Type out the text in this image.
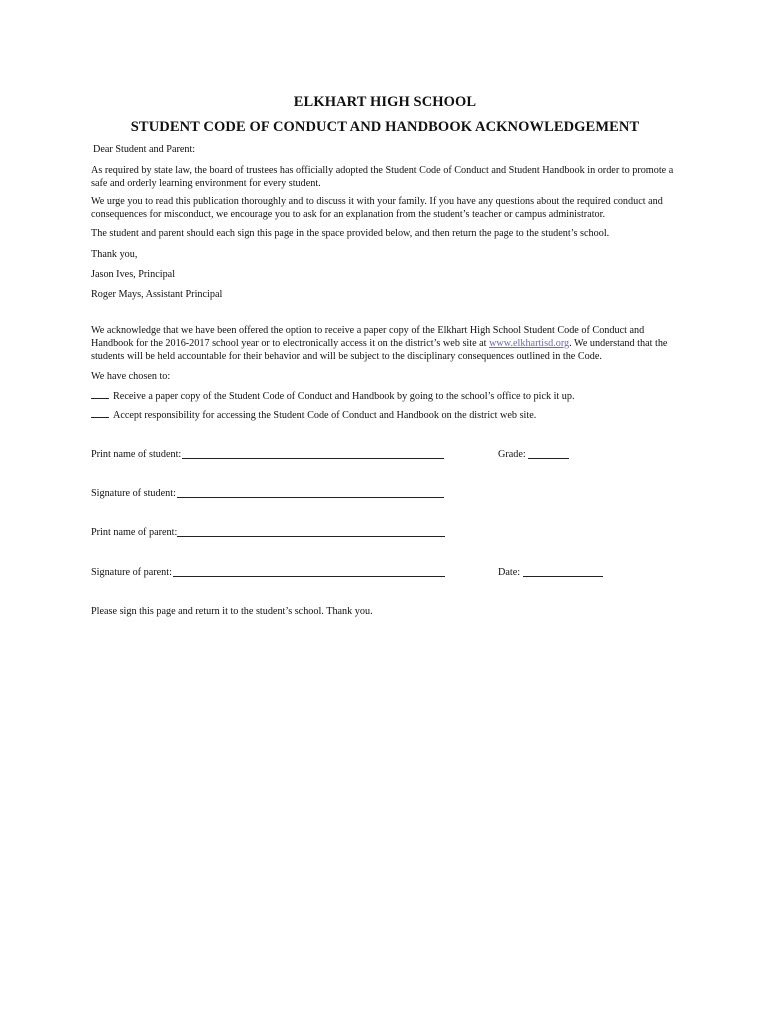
ELKHART HIGH SCHOOL
STUDENT CODE OF CONDUCT AND HANDBOOK ACKNOWLEDGEMENT

Dear Student and Parent:

As required by state law, the board of trustees has officially adopted the Student Code of Conduct and Student Handbook in order to promote a safe and orderly learning environment for every student.

We urge you to read this publication thoroughly and to discuss it with your family. If you have any questions about the required conduct and consequences for misconduct, we encourage you to ask for an explanation from the student’s teacher or campus administrator.

The student and parent should each sign this page in the space provided below, and then return the page to the student’s school.

Thank you,

Jason Ives, Principal

Roger Mays, Assistant Principal

We acknowledge that we have been offered the option to receive a paper copy of the Elkhart High School Student Code of Conduct and Handbook for the 2016-2017 school year or to electronically access it on the district’s web site at www.elkhartisd.org. We understand that the students will be held accountable for their behavior and will be subject to the disciplinary consequences outlined in the Code.

We have chosen to:

Receive a paper copy of the Student Code of Conduct and Handbook by going to the school’s office to pick it up.

Accept responsibility for accessing the Student Code of Conduct and Handbook on the district web site.

Print name of student:	Grade:
Signature of student:
Print name of parent:
Signature of parent:	Date:

Please sign this page and return it to the student’s school. Thank you.
